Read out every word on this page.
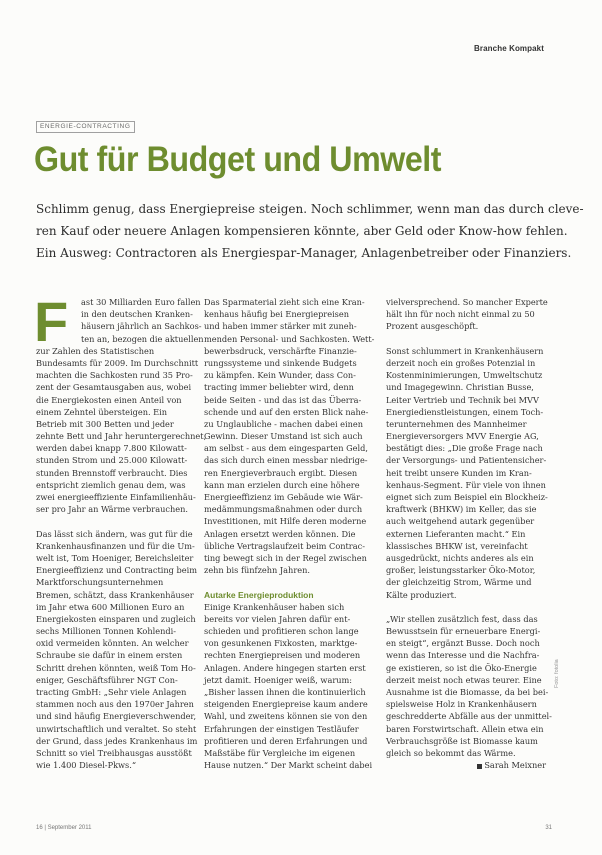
Branche Kompakt
ENERGIE-CONTRACTING
Gut für Budget und Umwelt
Schlimm genug, dass Energiepreise steigen. Noch schlimmer, wenn man das durch cleve-
ren Kauf oder neuere Anlagen kompensieren könnte, aber Geld oder Know-how fehlen.
Ein Ausweg: Contractoren als Energiespar-Manager, Anlagenbetreiber oder Finanziers.
F	ast 30 Milliarden Euro fallen
in den deutschen Kranken-
häusern jährlich an Sachkos-
ten an, bezogen die aktuellen
zur Zahlen des Statistischen
Bundesamts für 2009. Im Durchschnitt
machten die Sachkosten rund 35 Pro-
zent der Gesamtausgaben aus, wobei
die Energiekosten einen Anteil von
einem Zehntel übersteigen. Ein
Betrieb mit 300 Betten und jeder
zehnte Bett und Jahr heruntergerechnet,
werden dabei knapp 7.800 Kilowatt-
stunden Strom und 25.000 Kilowatt-
stunden Brennstoff verbraucht. Dies
entspricht ziemlich genau dem, was
zwei energieeffiziente Einfamilienhäu-
ser pro Jahr an Wärme verbrauchen.
Das lässt sich ändern, was gut für die
Krankenhausfinanzen und für die Um-
welt ist, Tom Hoeniger, Bereichsleiter
Energieeffizienz und Contracting beim
Marktforschungsunternehmen
Bremen, schätzt, dass Krankenhäuser
im Jahr etwa 600 Millionen Euro an
Energiekosten einsparen und zugleich
sechs Millionen Tonnen Kohlendi-
oxid vermeiden könnten. An welcher
Schraube sie dafür in einem ersten
Schritt drehen könnten, weiß Tom Ho-
eniger, Geschäftsführer NGT Con-
tracting GmbH: „Sehr viele Anlagen
stammen noch aus den 1970er Jahren
und sind häufig Energieverschwender,
unwirtschaftlich und veraltet. So steht
der Grund, dass jedes Krankenhaus im
Schnitt so viel Treibhausgas ausstößt
wie 1.400 Diesel-Pkws.“
Das Sparmaterial zieht sich eine Kran-
kenhaus häufig bei Energiepreisen
und haben immer stärker mit zuneh-
menden Personal- und Sachkosten. Wett-
bewerbsdruck, verschärfte Finanzie-
rungssysteme und sinkende Budgets
zu kämpfen. Kein Wunder, dass Con-
tracting immer beliebter wird, denn
beide Seiten - und das ist das Überra-
schende und auf den ersten Blick nahe-
zu Unglaubliche - machen dabei einen
Gewinn. Dieser Umstand ist sich auch
am selbst - aus dem eingesparten Geld,
das sich durch einen messbar niedrige-
ren Energieverbrauch ergibt. Diesen
kann man erzielen durch eine höhere
Energieeffizienz im Gebäude wie Wär-
medämmungsmaßnahmen oder durch
Investitionen, mit Hilfe deren moderne
Anlagen ersetzt werden können. Die
übliche Vertragslaufzeit beim Contrac-
ting bewegt sich in der Regel zwischen
zehn bis fünfzehn Jahren.
Autarke Energieproduktion
Einige Krankenhäuser haben sich
bereits vor vielen Jahren dafür ent-
schieden und profitieren schon lange
von gesunkenen Fixkosten, marktge-
rechten Energiepreisen und moderen
Anlagen. Andere hingegen starten erst
jetzt damit. Hoeniger weiß, warum:
„Bisher lassen ihnen die kontinuierlich
steigenden Energiepreise kaum andere
Wahl, und zweitens können sie von den
Erfahrungen der einstigen Testläufer
profitieren und deren Erfahrungen und
Maßstäbe für Vergleiche im eigenen
Hause nutzen.“ Der Markt scheint dabei
vielversprechend. So mancher Experte
hält ihn für noch nicht einmal zu 50
Prozent ausgeschöpft.
Sonst schlummert in Krankenhäusern
derzeit noch ein großes Potenzial in
Kostenminimierungen, Umweltschutz
und Imagegewinn. Christian Busse,
Leiter Vertrieb und Technik bei MVV
Energiedienstleistungen, einem Toch-
terunternehmen des Mannheimer
Energieversorgers MVV Energie AG,
bestätigt dies: „Die große Frage nach
der Versorgungs- und Patientensicher-
heit treibt unsere Kunden im Kran-
kenhaus-Segment. Für viele von ihnen
eignet sich zum Beispiel ein Blockheiz-
kraftwerk (BHKW) im Keller, das sie
auch weitgehend autark gegenüber
externen Lieferanten macht.“ Ein
klassisches BHKW ist, vereinfacht
ausgedrückt, nichts anderes als ein
großer, leistungsstarker Öko-Motor,
der gleichzeitig Strom, Wärme und
Kälte produziert.
„Wir stellen zusätzlich fest, dass das
Bewusstsein für erneuerbare Energi-
en steigt“, ergänzt Busse. Doch noch
wenn das Interesse und die Nachfra-
ge existieren, so ist die Öko-Energie
derzeit meist noch etwas teurer. Eine
Ausnahme ist die Biomasse, da bei bei-
spielsweise Holz in Krankenhäusern
geschredderte Abfälle aus der unmittel-
baren Forstwirtschaft. Allein etwa ein
Verbrauchsgröße ist Biomasse kaum
gleich so bekommt das Wärme.
Sarah Meixner
16 | September 2011	31
Foto: fotolia
